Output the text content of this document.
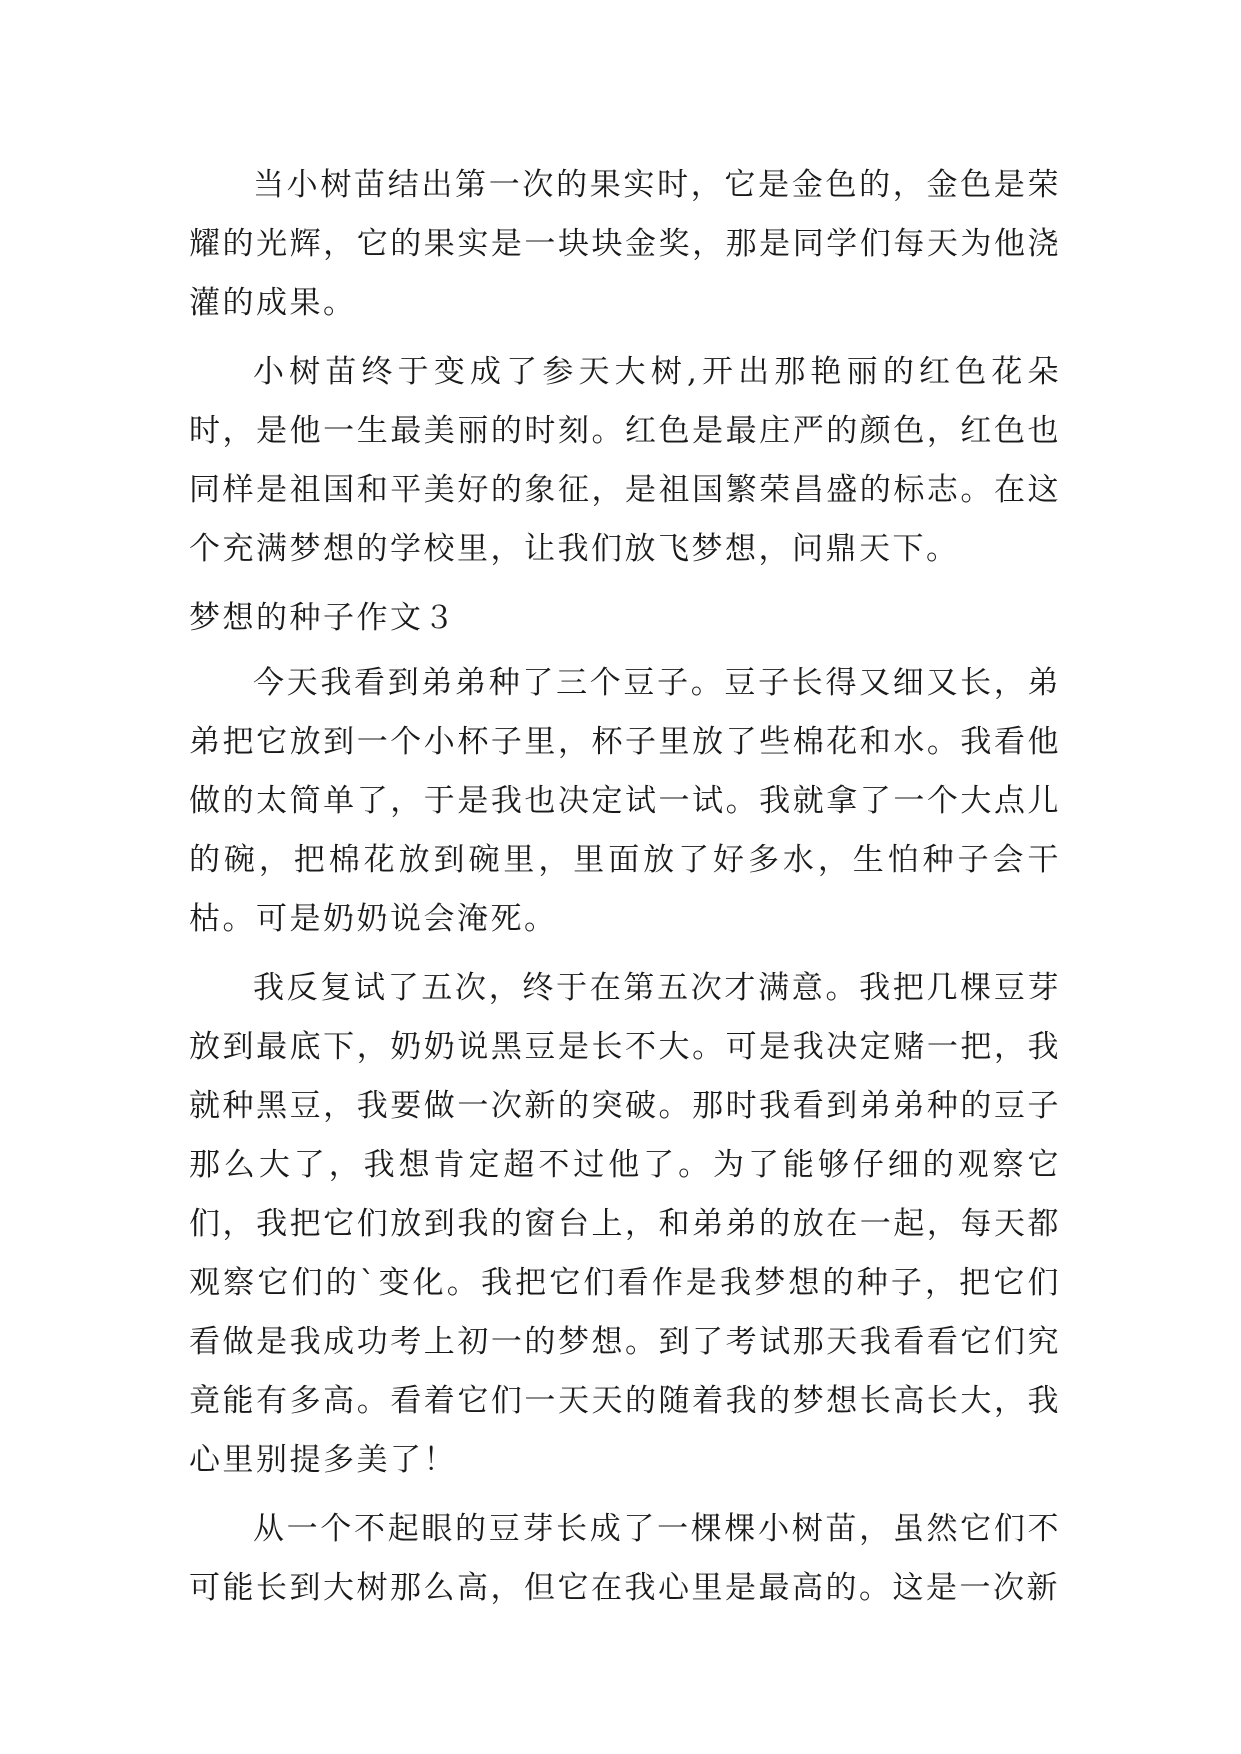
当小树苗结出第一次的果实时，它是金色的，金色是荣耀的光辉，它的果实是一块块金奖，那是同学们每天为他浇灌的成果。

小树苗终于变成了参天大树,开出那艳丽的红色花朵时，是他一生最美丽的时刻。红色是最庄严的颜色，红色也同样是祖国和平美好的象征，是祖国繁荣昌盛的标志。在这个充满梦想的学校里，让我们放飞梦想，问鼎天下。

梦想的种子作文３

今天我看到弟弟种了三个豆子。豆子长得又细又长，弟弟把它放到一个小杯子里，杯子里放了些棉花和水。我看他做的太简单了，于是我也决定试一试。我就拿了一个大点儿的碗，把棉花放到碗里，里面放了好多水，生怕种子会干枯。可是奶奶说会淹死。

我反复试了五次，终于在第五次才满意。我把几棵豆芽放到最底下，奶奶说黑豆是长不大。可是我决定赌一把，我就种黑豆，我要做一次新的突破。那时我看到弟弟种的豆子那么大了，我想肯定超不过他了。为了能够仔细的观察它们，我把它们放到我的窗台上，和弟弟的放在一起，每天都观察它们的`变化。我把它们看作是我梦想的种子，把它们看做是我成功考上初一的梦想。到了考试那天我看看它们究竟能有多高。看着它们一天天的随着我的梦想长高长大，我心里别提多美了！

从一个不起眼的豆芽长成了一棵棵小树苗，虽然它们不可能长到大树那么高，但它在我心里是最高的。这是一次新
